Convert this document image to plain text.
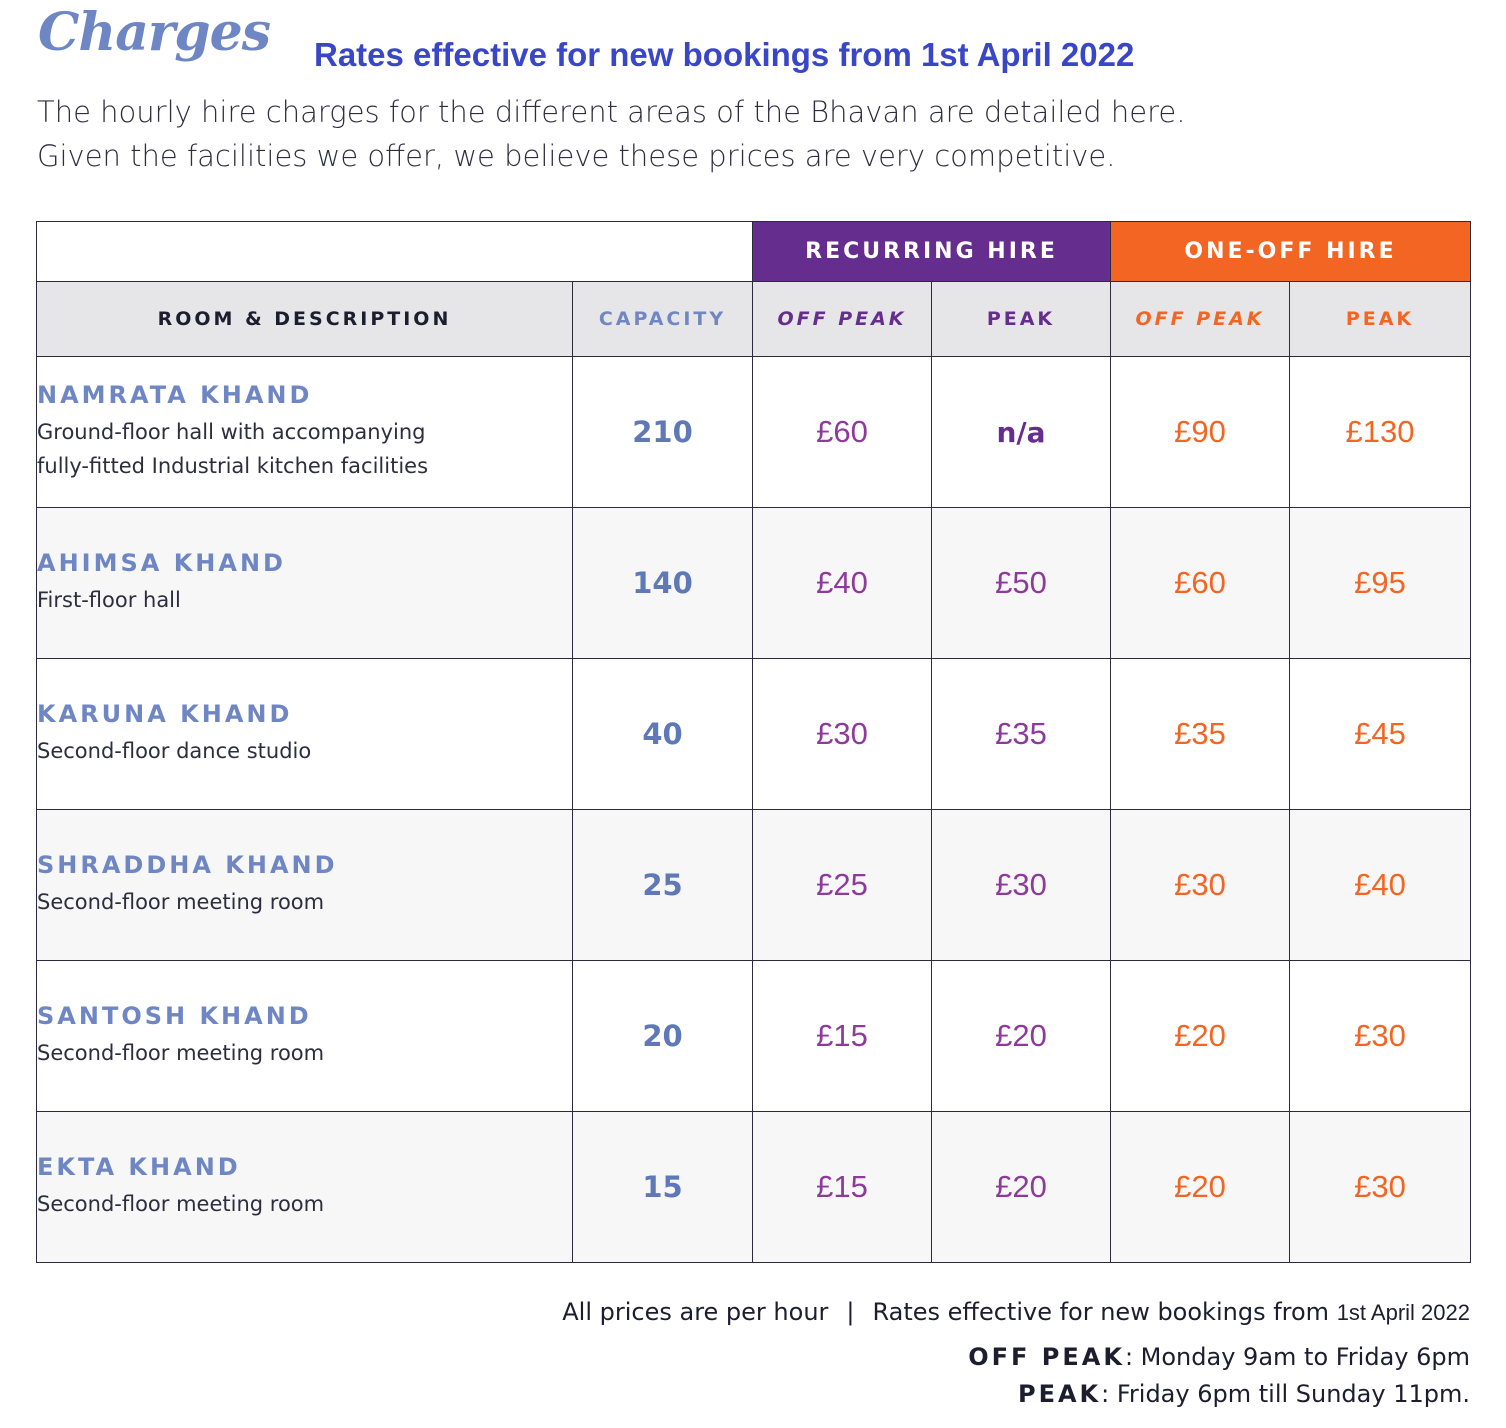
Charges Rates effective for new bookings from 1st April 2022
The hourly hire charges for the different areas of the Bhavan are detailed here.
Given the facilities we offer, we believe these prices are very competitive.
		RECURRING HIRE		ONE-OFF HIRE	
ROOM & DESCRIPTION	CAPACITY	OFF PEAK	PEAK	OFF PEAK	PEAK

NAMRATA KHAND
Ground-floor hall with accompanying
fully-fitted Industrial kitchen facilities	210	£60	n/a	£90	£130

AHIMSA KHAND
First-floor hall	140	£40	£50	£60	£95

KARUNA KHAND
Second-floor dance studio	40	£30	£35	£35	£45

SHRADDHA KHAND
Second-floor meeting room	25	£25	£30	£30	£40

SANTOSH KHAND
Second-floor meeting room	20	£15	£20	£20	£30

EKTA KHAND
Second-floor meeting room	15	£15	£20	£20	£30
All prices are per hour | Rates effective for new bookings from 1st April 2022
OFF PEAK: Monday 9am to Friday 6pm
PEAK: Friday 6pm till Sunday 11pm.
